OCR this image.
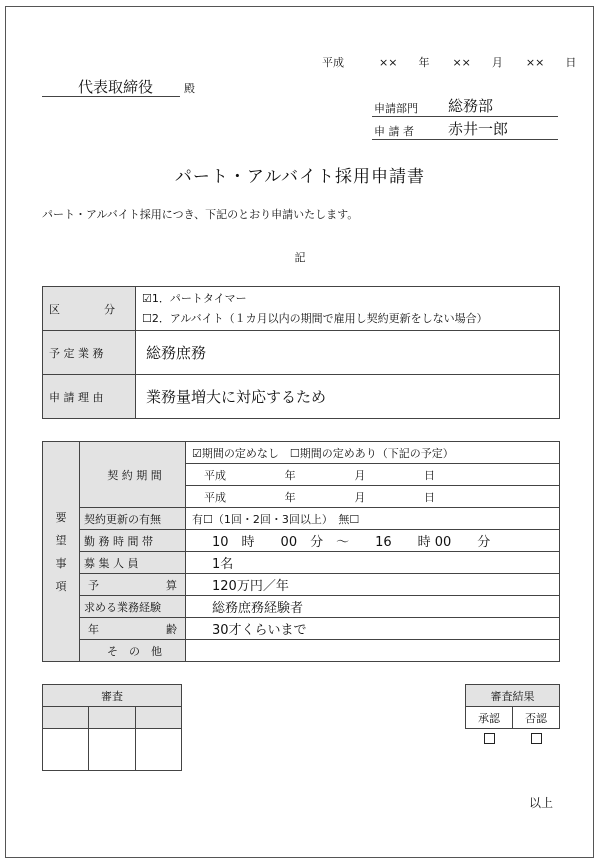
平成	×× 年 ×× 月 ×× 日
代表取締役	殿
申請部門 総務部
申 請 者 赤井一郎
パート・アルバイト採用申請書
パート・アルバイト採用につき、下記のとおり申請いたします。
記
区　　　　分	☑1．パートタイマー
☐2．アルバイト（１カ月以内の期間で雇用し契約更新をしない場合）

予 定 業 務	総務庶務
申 請 理 由	業務量増大に対応するため
要
望
事
項	契 約 期 間	☑期間の定めなし　☐期間の定めあり（下記の予定）

		平成 年 月 日

		平成 年 月 日

	契約更新の有無	有☐（1回・2回・3回以上）　無☐
	勤 務 時 間 帯	10　時　　00　分　～　　16　　時 00　　分
	募 集 人 員	1名

	予 算	120万円／年
	求める業務経験	総務庶務経験者

	年 齢	30才くらいまで
	そ　の　他	
審査		

			審査結果	
承認	否認

以上
